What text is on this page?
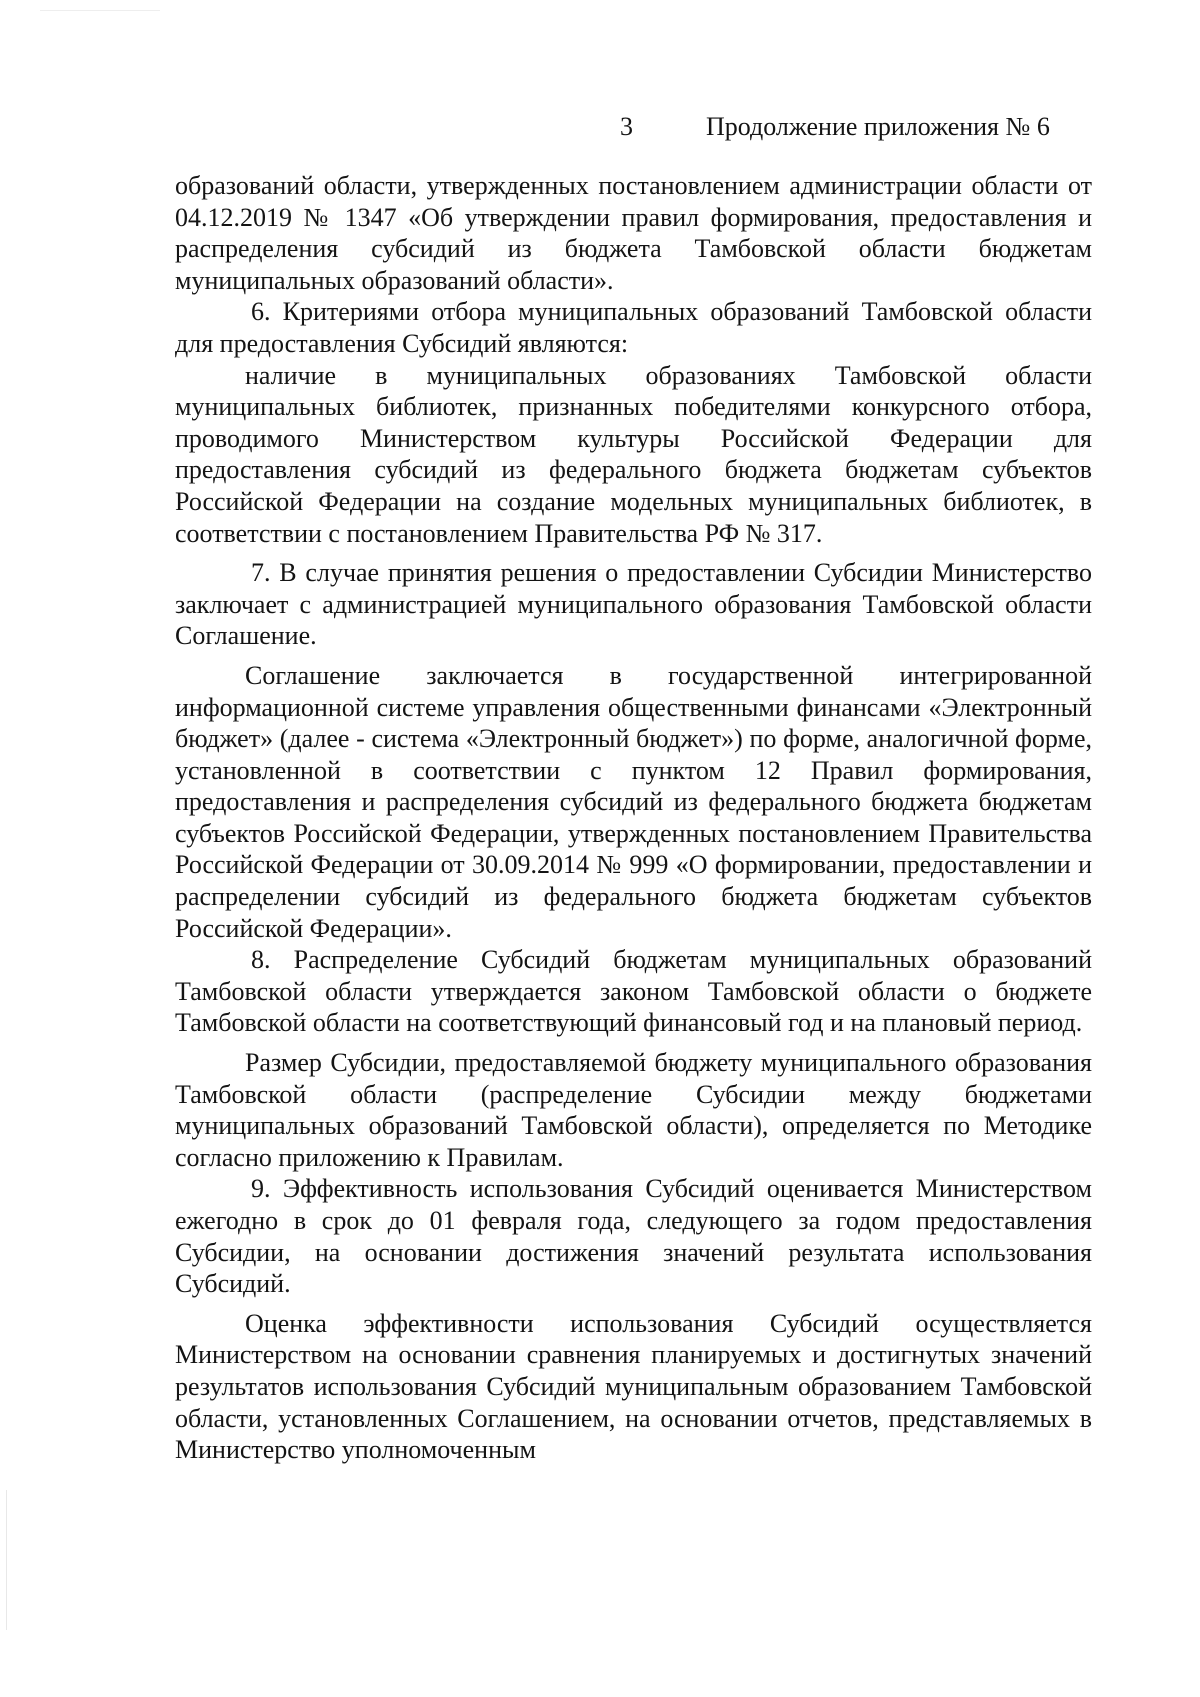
3	Продолжение приложения № 6

образований области, утвержденных постановлением администрации области от 04.12.2019 № 1347 «Об утверждении правил формирования, предоставления и распределения субсидий из бюджета Тамбовской области бюджетам муниципальных образований области».

6. Критериями отбора муниципальных образований Тамбовской области для предоставления Субсидий являются:

наличие в муниципальных образованиях Тамбовской области муниципальных библиотек, признанных победителями конкурсного отбора, проводимого Министерством культуры Российской Федерации для предоставления субсидий из федерального бюджета бюджетам субъектов Российской Федерации на создание модельных муниципальных библиотек, в соответствии с постановлением Правительства РФ № 317.

7. В случае принятия решения о предоставлении Субсидии Министерство заключает с администрацией муниципального образования Тамбовской области Соглашение.

Соглашение заключается в государственной интегрированной информационной системе управления общественными финансами «Электронный бюджет» (далее - система «Электронный бюджет») по форме, аналогичной форме, установленной в соответствии с пунктом 12 Правил формирования, предоставления и распределения субсидий из федерального бюджета бюджетам субъектов Российской Федерации, утвержденных постановлением Правительства Российской Федерации от 30.09.2014 № 999 «О формировании, предоставлении и распределении субсидий из федерального бюджета бюджетам субъектов Российской Федерации».

8. Распределение Субсидий бюджетам муниципальных образований Тамбовской области утверждается законом Тамбовской области о бюджете Тамбовской области на соответствующий финансовый год и на плановый период.

Размер Субсидии, предоставляемой бюджету муниципального образования Тамбовской области (распределение Субсидии между бюджетами муниципальных образований Тамбовской области), определяется по Методике согласно приложению к Правилам.

9. Эффективность использования Субсидий оценивается Министерством ежегодно в срок до 01 февраля года, следующего за годом предоставления Субсидии, на основании достижения значений результата использования Субсидий.

Оценка эффективности использования Субсидий осуществляется Министерством на основании сравнения планируемых и достигнутых значений результатов использования Субсидий муниципальным образованием Тамбовской области, установленных Соглашением, на основании отчетов, представляемых в Министерство уполномоченным
